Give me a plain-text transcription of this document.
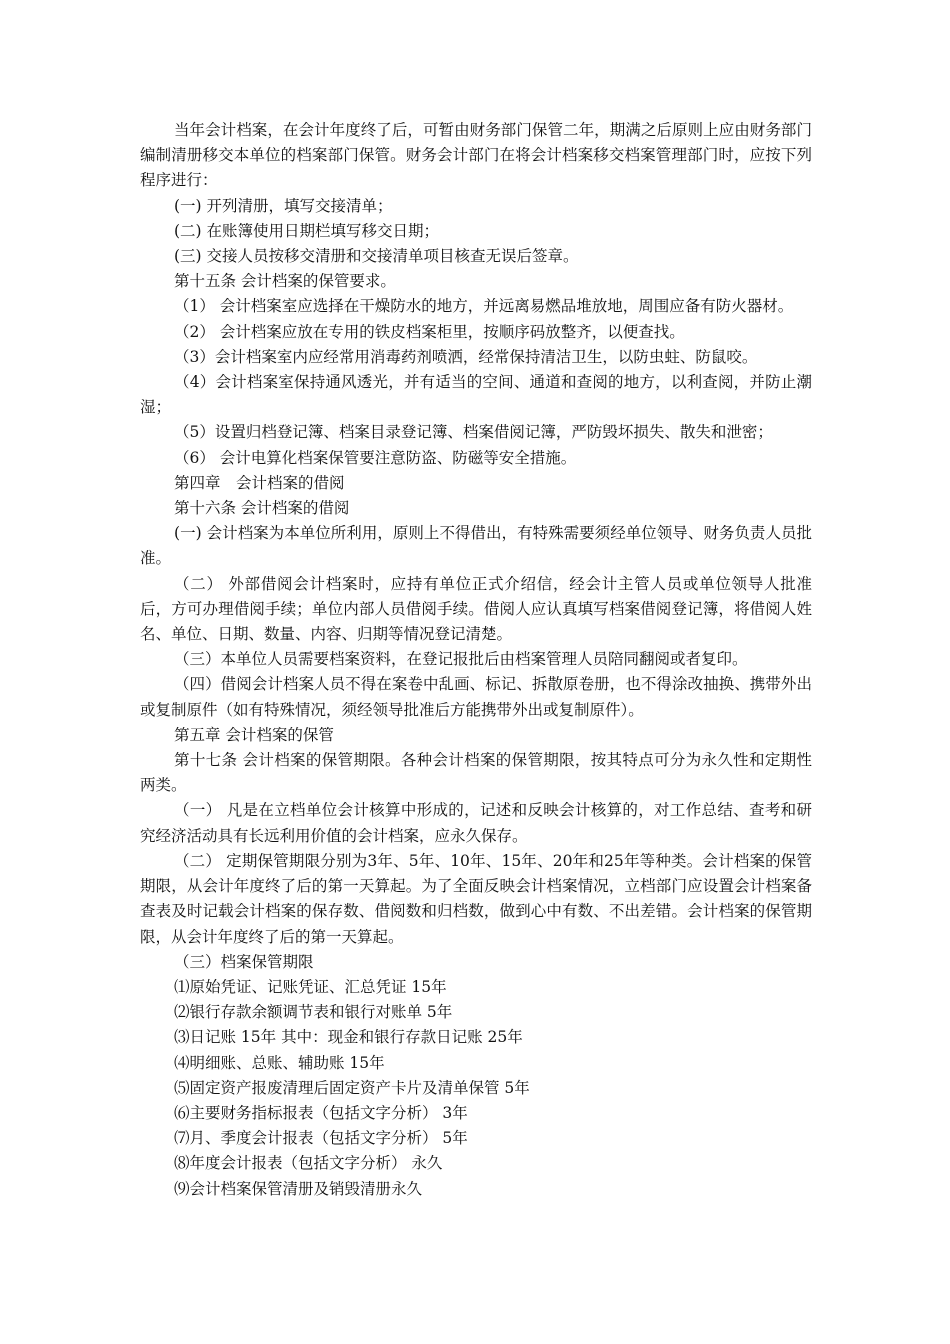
当年会计档案，在会计年度终了后，可暂由财务部门保管二年，期满之后原则上应由财务部门编制清册移交本单位的档案部门保管。财务会计部门在将会计档案移交档案管理部门时，应按下列程序进行：

(一) 开列清册，填写交接清单；

(二) 在账簿使用日期栏填写移交日期；

(三) 交接人员按移交清册和交接清单项目核查无误后签章。

第十五条 会计档案的保管要求。

（1） 会计档案室应选择在干燥防水的地方，并远离易燃品堆放地，周围应备有防火器材。

（2） 会计档案应放在专用的铁皮档案柜里，按顺序码放整齐，以便查找。

（3）会计档案室内应经常用消毒药剂喷洒，经常保持清洁卫生，以防虫蛀、防鼠咬。

（4）会计档案室保持通风透光，并有适当的空间、通道和查阅的地方，以利查阅，并防止潮湿；

（5）设置归档登记簿、档案目录登记簿、档案借阅记簿，严防毁坏损失、散失和泄密；

（6） 会计电算化档案保管要注意防盗、防磁等安全措施。

第四章　会计档案的借阅

第十六条 会计档案的借阅

(一) 会计档案为本单位所利用，原则上不得借出，有特殊需要须经单位领导、财务负责人员批准。

（二） 外部借阅会计档案时，应持有单位正式介绍信，经会计主管人员或单位领导人批准后，方可办理借阅手续；单位内部人员借阅手续。借阅人应认真填写档案借阅登记簿，将借阅人姓名、单位、日期、数量、内容、归期等情况登记清楚。

（三）本单位人员需要档案资料，在登记报批后由档案管理人员陪同翻阅或者复印。

（四）借阅会计档案人员不得在案卷中乱画、标记、拆散原卷册，也不得涂改抽换、携带外出或复制原件（如有特殊情况，须经领导批准后方能携带外出或复制原件）。

第五章 会计档案的保管

第十七条 会计档案的保管期限。各种会计档案的保管期限，按其特点可分为永久性和定期性两类。

（一） 凡是在立档单位会计核算中形成的，记述和反映会计核算的，对工作总结、查考和研究经济活动具有长远利用价值的会计档案，应永久保存。

（二） 定期保管期限分别为3年、5年、10年、15年、20年和25年等种类。会计档案的保管期限，从会计年度终了后的第一天算起。为了全面反映会计档案情况，立档部门应设置会计档案备查表及时记载会计档案的保存数、借阅数和归档数，做到心中有数、不出差错。会计档案的保管期限，从会计年度终了后的第一天算起。

（三）档案保管期限

⑴原始凭证、记账凭证、汇总凭证 15年

⑵银行存款余额调节表和银行对账单 5年

⑶日记账 15年 其中：现金和银行存款日记账 25年

⑷明细账、总账、辅助账 15年

⑸固定资产报废清理后固定资产卡片及清单保管 5年

⑹主要财务指标报表（包括文字分析） 3年

⑺月、季度会计报表（包括文字分析） 5年

⑻年度会计报表（包括文字分析） 永久

⑼会计档案保管清册及销毁清册永久
